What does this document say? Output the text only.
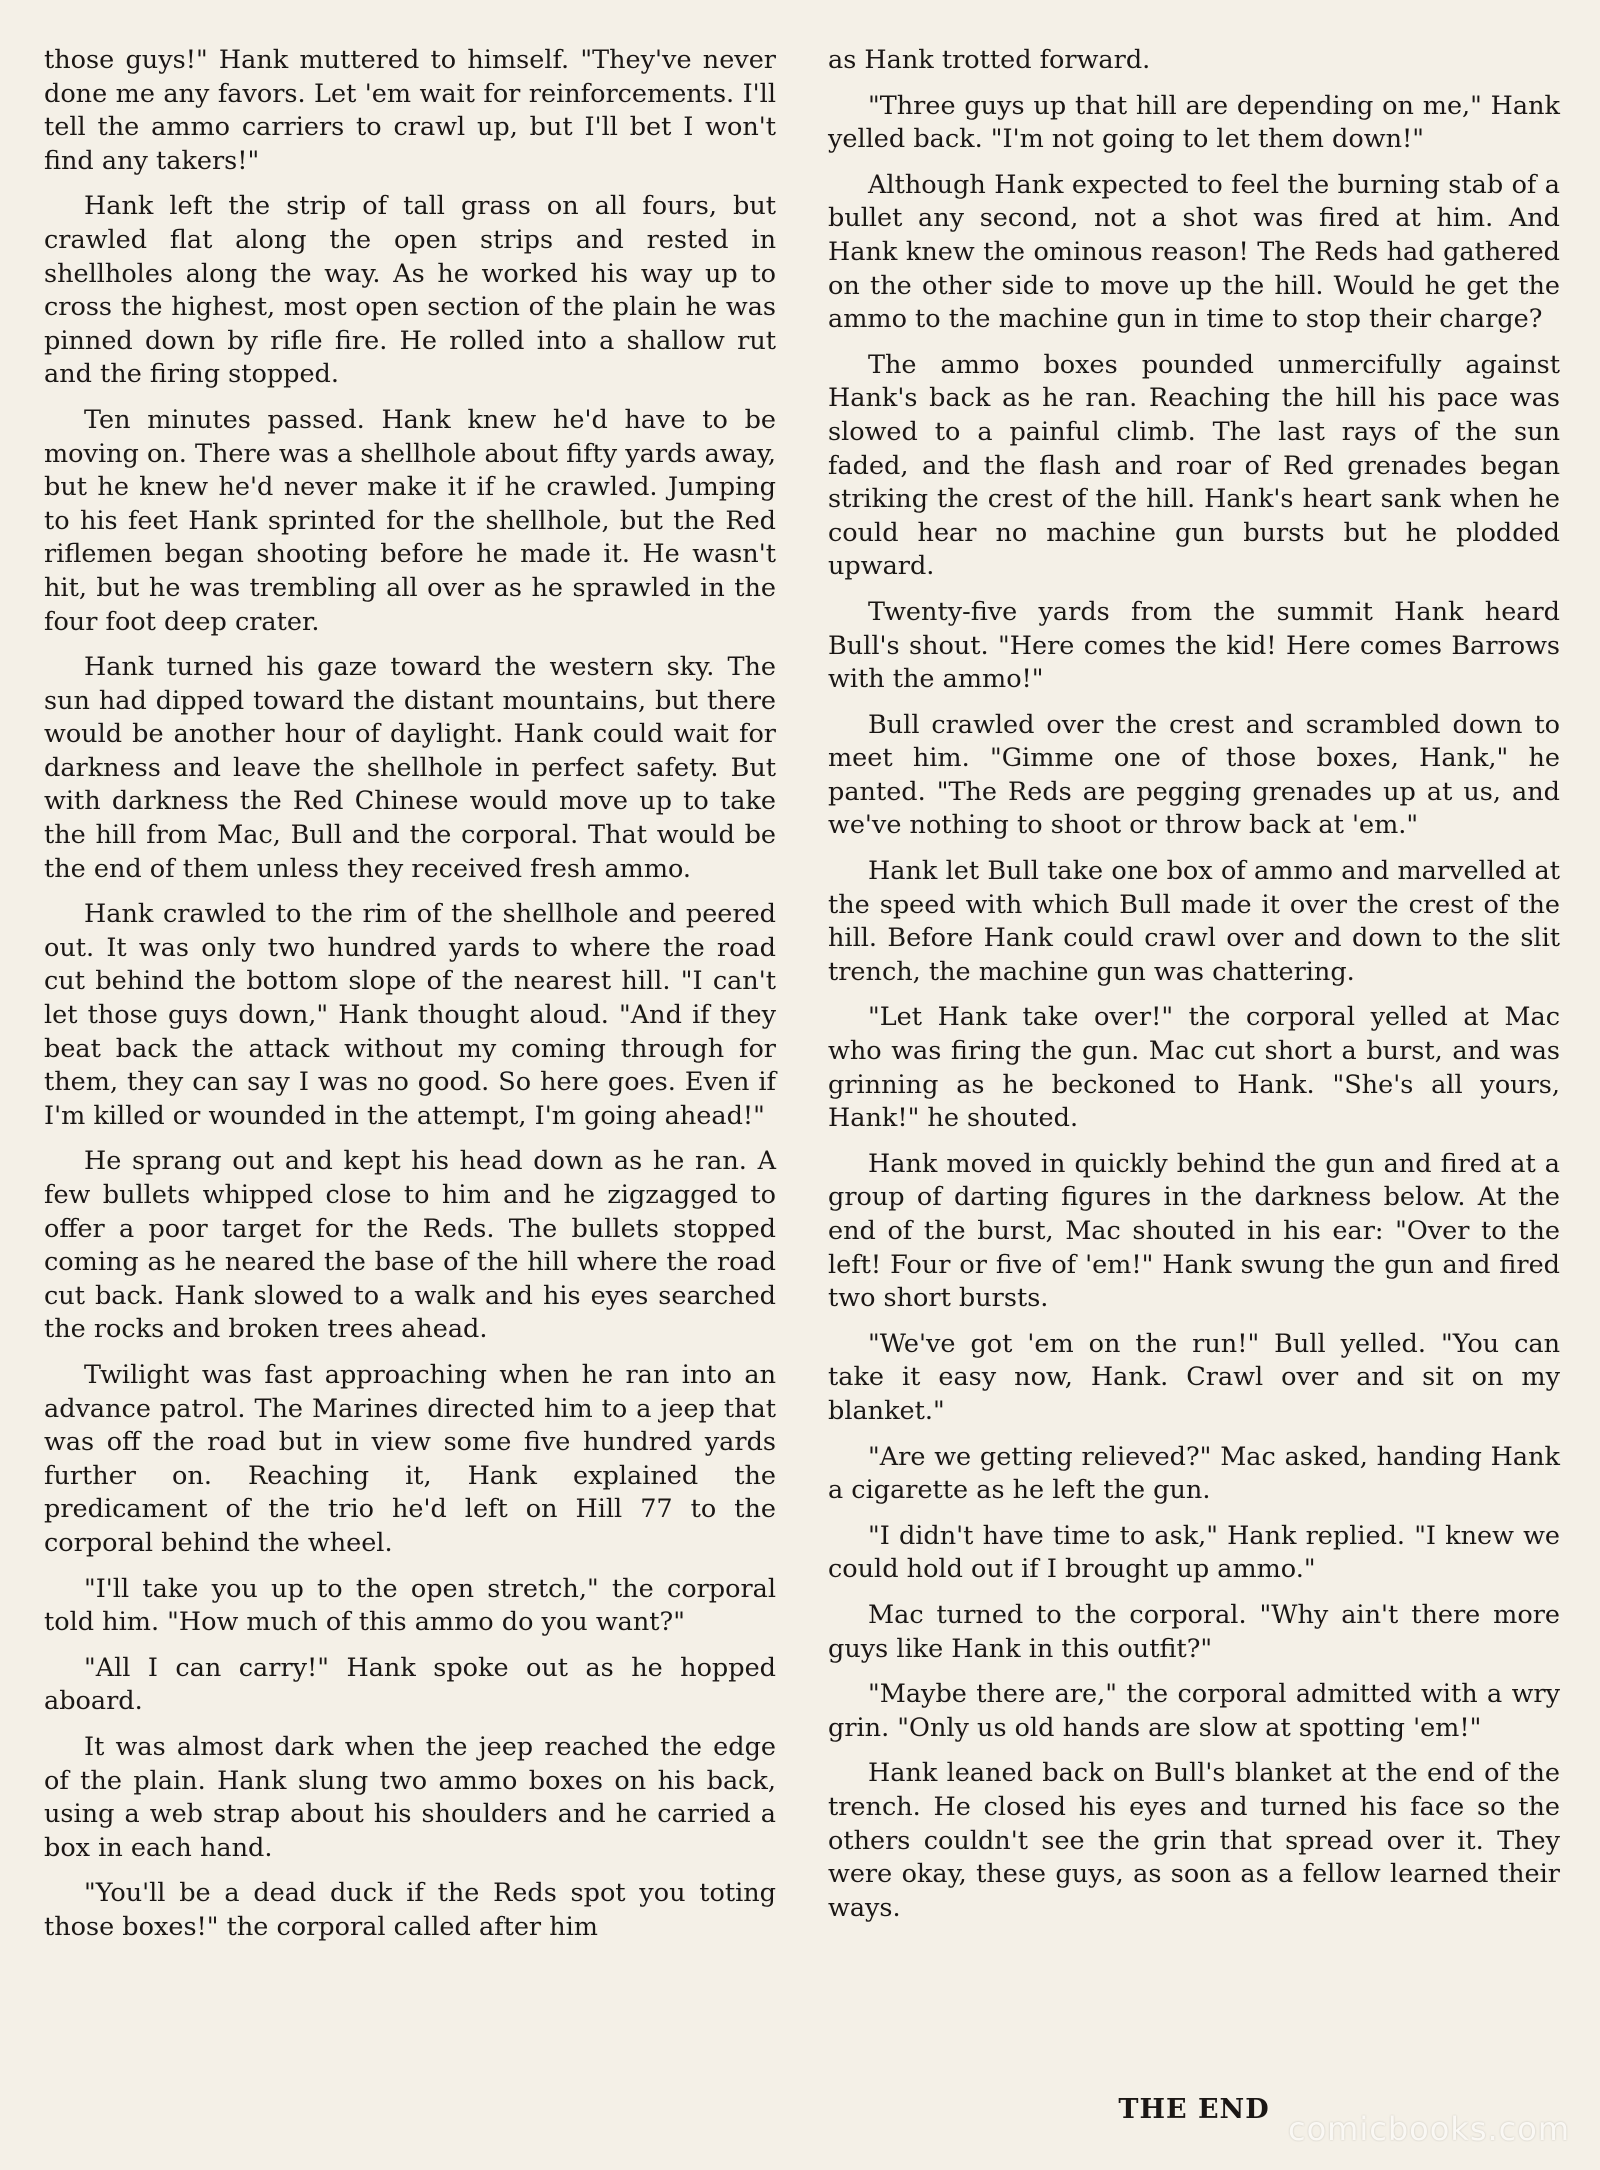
those guys!" Hank muttered to himself. "They've never done me any favors. Let 'em wait for reinforcements. I'll tell the ammo carriers to crawl up, but I'll bet I won't find any takers!"

Hank left the strip of tall grass on all fours, but crawled flat along the open strips and rested in shellholes along the way. As he worked his way up to cross the highest, most open section of the plain he was pinned down by rifle fire. He rolled into a shallow rut and the firing stopped.

Ten minutes passed. Hank knew he'd have to be moving on. There was a shellhole about fifty yards away, but he knew he'd never make it if he crawled. Jumping to his feet Hank sprinted for the shellhole, but the Red riflemen began shooting before he made it. He wasn't hit, but he was trembling all over as he sprawled in the four foot deep crater.

Hank turned his gaze toward the western sky. The sun had dipped toward the distant mountains, but there would be another hour of daylight. Hank could wait for darkness and leave the shellhole in perfect safety. But with darkness the Red Chinese would move up to take the hill from Mac, Bull and the corporal. That would be the end of them unless they received fresh ammo.

Hank crawled to the rim of the shellhole and peered out. It was only two hundred yards to where the road cut behind the bottom slope of the nearest hill. "I can't let those guys down," Hank thought aloud. "And if they beat back the attack without my coming through for them, they can say I was no good. So here goes. Even if I'm killed or wounded in the attempt, I'm going ahead!"

He sprang out and kept his head down as he ran. A few bullets whipped close to him and he zigzagged to offer a poor target for the Reds. The bullets stopped coming as he neared the base of the hill where the road cut back. Hank slowed to a walk and his eyes searched the rocks and broken trees ahead.

Twilight was fast approaching when he ran into an advance patrol. The Marines directed him to a jeep that was off the road but in view some five hundred yards further on. Reaching it, Hank explained the predicament of the trio he'd left on Hill 77 to the corporal behind the wheel.

"I'll take you up to the open stretch," the corporal told him. "How much of this ammo do you want?"

"All I can carry!" Hank spoke out as he hopped aboard.

It was almost dark when the jeep reached the edge of the plain. Hank slung two ammo boxes on his back, using a web strap about his shoulders and he carried a box in each hand.

"You'll be a dead duck if the Reds spot you toting those boxes!" the corporal called after him

as Hank trotted forward.

"Three guys up that hill are depending on me," Hank yelled back. "I'm not going to let them down!"

Although Hank expected to feel the burning stab of a bullet any second, not a shot was fired at him. And Hank knew the ominous reason! The Reds had gathered on the other side to move up the hill. Would he get the ammo to the machine gun in time to stop their charge?

The ammo boxes pounded unmercifully against Hank's back as he ran. Reaching the hill his pace was slowed to a painful climb. The last rays of the sun faded, and the flash and roar of Red grenades began striking the crest of the hill. Hank's heart sank when he could hear no machine gun bursts but he plodded upward.

Twenty-five yards from the summit Hank heard Bull's shout. "Here comes the kid! Here comes Barrows with the ammo!"

Bull crawled over the crest and scrambled down to meet him. "Gimme one of those boxes, Hank," he panted. "The Reds are pegging grenades up at us, and we've nothing to shoot or throw back at 'em."

Hank let Bull take one box of ammo and marvelled at the speed with which Bull made it over the crest of the hill. Before Hank could crawl over and down to the slit trench, the machine gun was chattering.

"Let Hank take over!" the corporal yelled at Mac who was firing the gun. Mac cut short a burst, and was grinning as he beckoned to Hank. "She's all yours, Hank!" he shouted.

Hank moved in quickly behind the gun and fired at a group of darting figures in the darkness below. At the end of the burst, Mac shouted in his ear: "Over to the left! Four or five of 'em!" Hank swung the gun and fired two short bursts.

"We've got 'em on the run!" Bull yelled. "You can take it easy now, Hank. Crawl over and sit on my blanket."

"Are we getting relieved?" Mac asked, handing Hank a cigarette as he left the gun.

"I didn't have time to ask," Hank replied. "I knew we could hold out if I brought up ammo."

Mac turned to the corporal. "Why ain't there more guys like Hank in this outfit?"

"Maybe there are," the corporal admitted with a wry grin. "Only us old hands are slow at spotting 'em!"

Hank leaned back on Bull's blanket at the end of the trench. He closed his eyes and turned his face so the others couldn't see the grin that spread over it. They were okay, these guys, as soon as a fellow learned their ways.

THE END
comicbooks.com
